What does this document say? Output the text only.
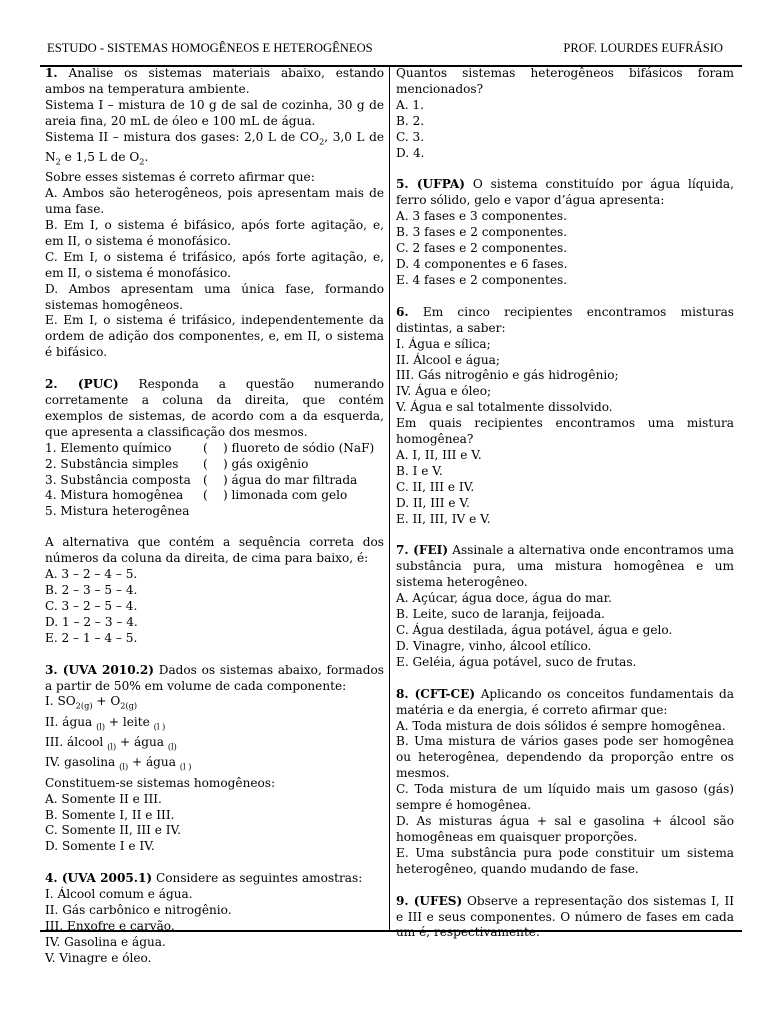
ESTUDO - SISTEMAS HOMOGÊNEOS E HETEROGÊNEOS	PROF. LOURDES EUFRÁSIO

1. Analise os sistemas materiais abaixo, estando ambos na temperatura ambiente.

Sistema I – mistura de 10 g de sal de cozinha, 30 g de areia fina, 20 mL de óleo e 100 mL de água.

Sistema II – mistura dos gases: 2,0 L de $CO_2$, 3,0 L de $N_2$ e 1,5 L de $O_2$.

Sobre esses sistemas é correto afirmar que:

A. Ambos são heterogêneos, pois apresentam mais de uma fase.

B. Em I, o sistema é bifásico, após forte agitação, e, em II, o sistema é monofásico.

C. Em I, o sistema é trifásico, após forte agitação, e, em II, o sistema é monofásico.

D. Ambos apresentam uma única fase, formando sistemas homogêneos.

E. Em I, o sistema é trifásico, independentemente da ordem de adição dos componentes, e, em II, o sistema é bifásico.

2. (PUC) Responda a questão numerando corretamente a coluna da direita, que contém exemplos de sistemas, de acordo com a da esquerda, que apresenta a classificação dos mesmos.

1. Elemento químico	(	) fluoreto de sódio (NaF)
2. Substância simples	(	) gás oxigênio
3. Substância composta	(	) água do mar filtrada
4. Mistura homogênea	(	) limonada com gelo
5. Mistura heterogênea

A alternativa que contém a sequência correta dos números da coluna da direita, de cima para baixo, é:

A. 3 – 2 – 4 – 5.

B. 2 – 3 – 5 – 4.

C. 3 – 2 – 5 – 4.

D. 1 – 2 – 3 – 4.

E. 2 – 1 – 4 – 5.

3. (UVA 2010.2) Dados os sistemas abaixo, formados a partir de 50% em volume de cada componente:

I. $SO_{2(g)} + O_{2(g)}$

II. água $_{(l)}$ + leite $_{(l )}$

III. álcool $_{(l)}$ + água $_{(l)}$

IV. gasolina $_{(l)}$ + água $_{(l )}$

Constituem-se sistemas homogêneos:

A. Somente II e III.

B. Somente I, II e III.

C. Somente II, III e IV.

D. Somente I e IV.

4. (UVA 2005.1) Considere as seguintes amostras:

I. Álcool comum e água.

II. Gás carbônico e nitrogênio.

III. Enxofre e carvão.

IV. Gasolina e água.

V. Vinagre e óleo.

Quantos sistemas heterogêneos bifásicos foram mencionados?

A. 1.

B. 2.

C. 3.

D. 4.

5. (UFPA) O sistema constituído por água líquida, ferro sólido, gelo e vapor d’água apresenta:

A. 3 fases e 3 componentes.

B. 3 fases e 2 componentes.

C. 2 fases e 2 componentes.

D. 4 componentes e 6 fases.

E. 4 fases e 2 componentes.

6. Em cinco recipientes encontramos misturas distintas, a saber:

I. Água e sílica;

II. Álcool e água;

III. Gás nitrogênio e gás hidrogênio;

IV. Água e óleo;

V. Água e sal totalmente dissolvido.

Em quais recipientes encontramos uma mistura homogênea?

A. I, II, III e V.

B. I e V.

C. II, III e IV.

D. II, III e V.

E. II, III, IV e V.

7. (FEI) Assinale a alternativa onde encontramos uma substância pura, uma mistura homogênea e um sistema heterogêneo.

A. Açúcar, água doce, água do mar.

B. Leite, suco de laranja, feijoada.

C. Água destilada, água potável, água e gelo.

D. Vinagre, vinho, álcool etílico.

E. Geléia, água potável, suco de frutas.

8. (CFT-CE) Aplicando os conceitos fundamentais da matéria e da energia, é correto afirmar que:

A. Toda mistura de dois sólidos é sempre homogênea.

B. Uma mistura de vários gases pode ser homogênea ou heterogênea, dependendo da proporção entre os mesmos.

C. Toda mistura de um líquido mais um gasoso (gás) sempre é homogênea.

D. As misturas água + sal e gasolina + álcool são homogêneas em quaisquer proporções.

E. Uma substância pura pode constituir um sistema heterogêneo, quando mudando de fase.

9. (UFES) Observe a representação dos sistemas I, II e III e seus componentes. O número de fases em cada um é, respectivamente:
